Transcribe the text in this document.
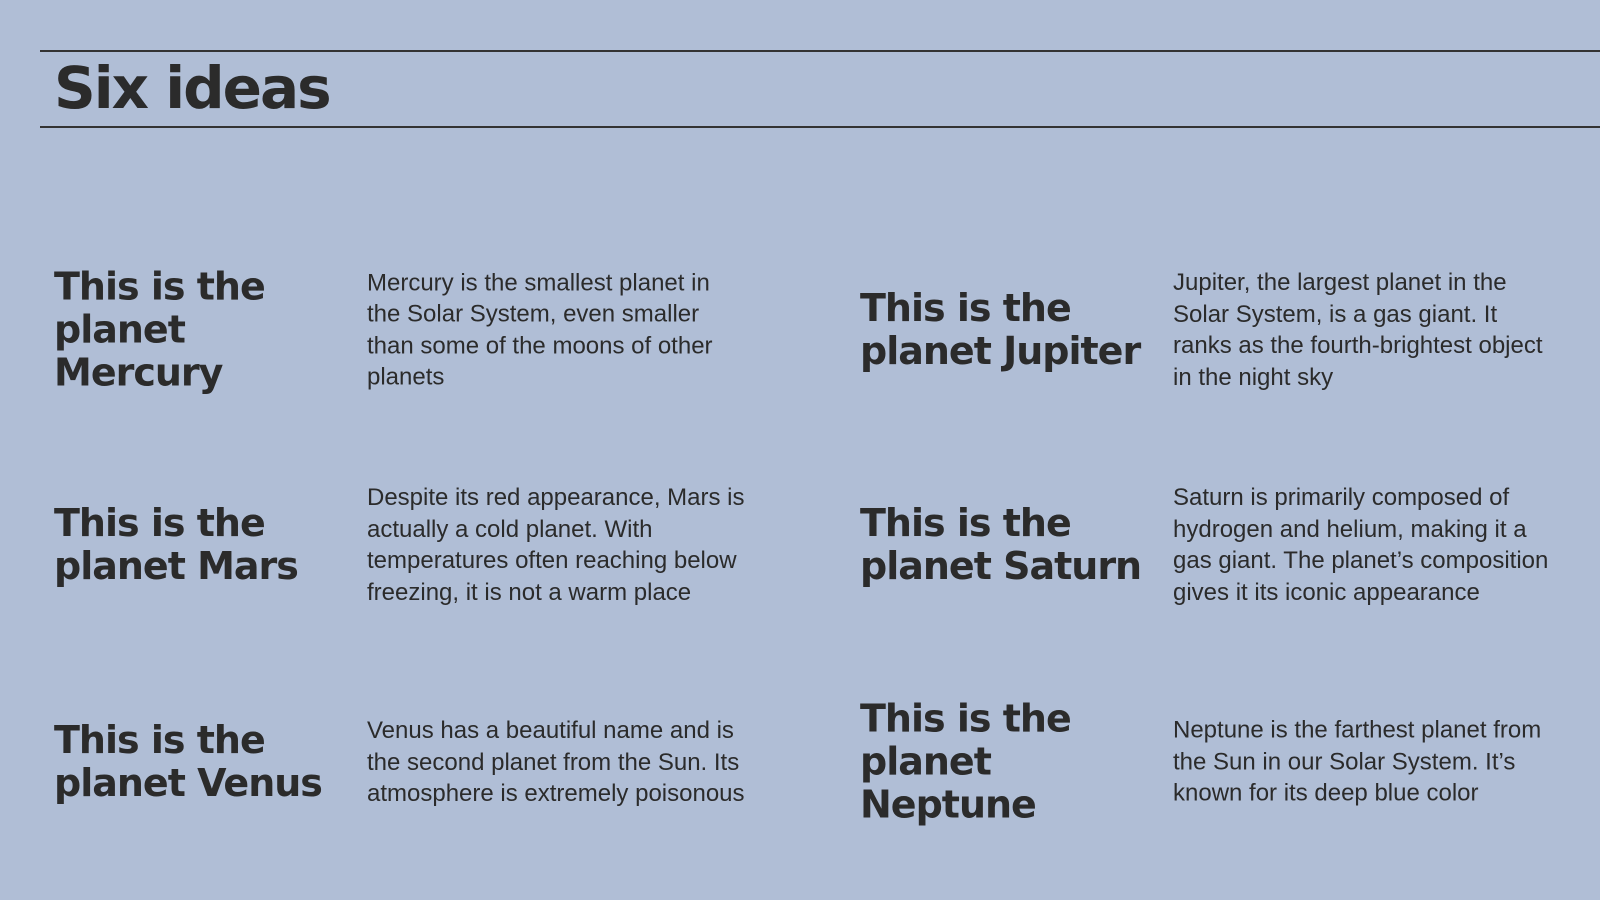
Six ideas
This is the planet Mercury

Mercury is the smallest planet in the Solar System, even smaller than some of the moons of other planets

This is the planet Jupiter

Jupiter, the largest planet in the Solar System, is a gas giant. It ranks as the fourth-brightest object in the night sky

This is the planet Mars

Despite its red appearance, Mars is actually a cold planet. With temperatures often reaching below freezing, it is not a warm place

This is the planet Saturn

Saturn is primarily composed of hydrogen and helium, making it a gas giant. The planet’s composition gives it its iconic appearance

This is the planet Venus

Venus has a beautiful name and is the second planet from the Sun. Its atmosphere is extremely poisonous

This is the planet Neptune

Neptune is the farthest planet from the Sun in our Solar System. It’s known for its deep blue color
